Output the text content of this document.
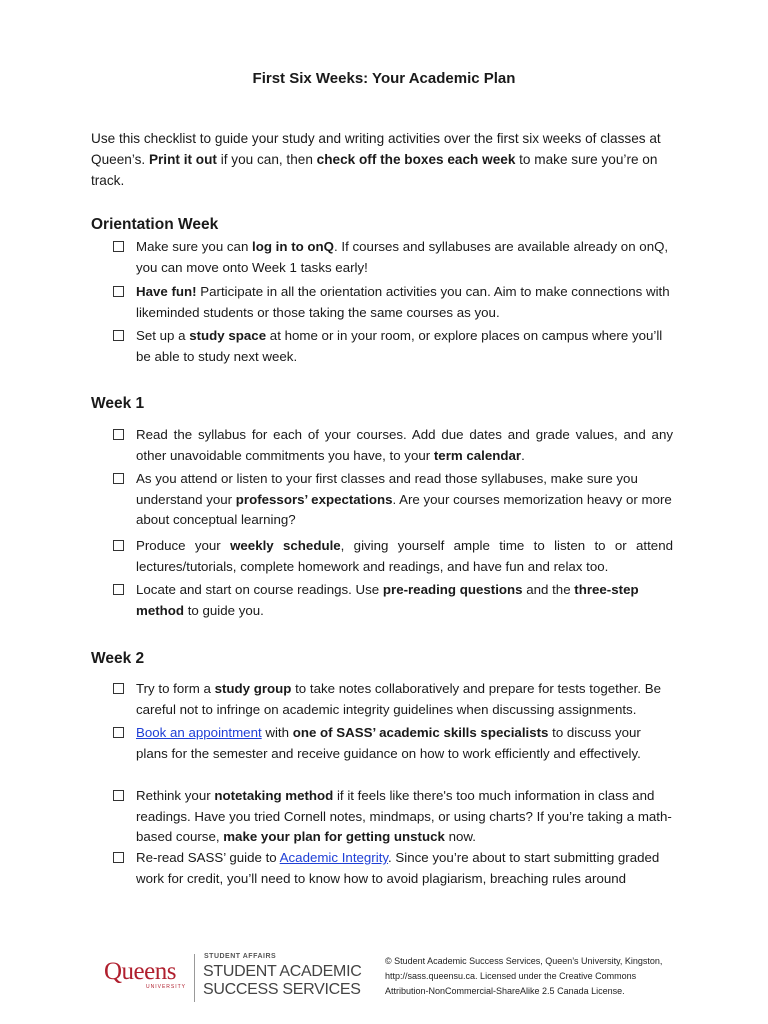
First Six Weeks: Your Academic Plan
Use this checklist to guide your study and writing activities over the first six weeks of classes at Queen’s. Print it out if you can, then check off the boxes each week to make sure you’re on track.
Orientation Week
Make sure you can log in to onQ. If courses and syllabuses are available already on onQ, you can move onto Week 1 tasks early!
Have fun! Participate in all the orientation activities you can. Aim to make connections with likeminded students or those taking the same courses as you.
Set up a study space at home or in your room, or explore places on campus where you’ll be able to study next week.
Week 1
Read the syllabus for each of your courses. Add due dates and grade values, and any other unavoidable commitments you have, to your term calendar.
As you attend or listen to your first classes and read those syllabuses, make sure you understand your professors’ expectations. Are your courses memorization heavy or more about conceptual learning?
Produce your weekly schedule, giving yourself ample time to listen to or attend lectures/tutorials, complete homework and readings, and have fun and relax too.
Locate and start on course readings. Use pre-reading questions and the three-step method to guide you.
Week 2
Try to form a study group to take notes collaboratively and prepare for tests together. Be careful not to infringe on academic integrity guidelines when discussing assignments.
Book an appointment with one of SASS’ academic skills specialists to discuss your plans for the semester and receive guidance on how to work efficiently and effectively.
Rethink your notetaking method if it feels like there's too much information in class and readings. Have you tried Cornell notes, mindmaps, or using charts? If you’re taking a math-based course, make your plan for getting unstuck now.
Re-read SASS’ guide to Academic Integrity. Since you’re about to start submitting graded work for credit, you’ll need to know how to avoid plagiarism, breaching rules around
Queens
UNIVERSITY
STUDENT AFFAIRS
STUDENT ACADEMIC
SUCCESS SERVICES
© Student Academic Success Services, Queen’s University, Kingston, http://sass.queensu.ca. Licensed under the Creative Commons Attribution-NonCommercial-ShareAlike 2.5 Canada License.
